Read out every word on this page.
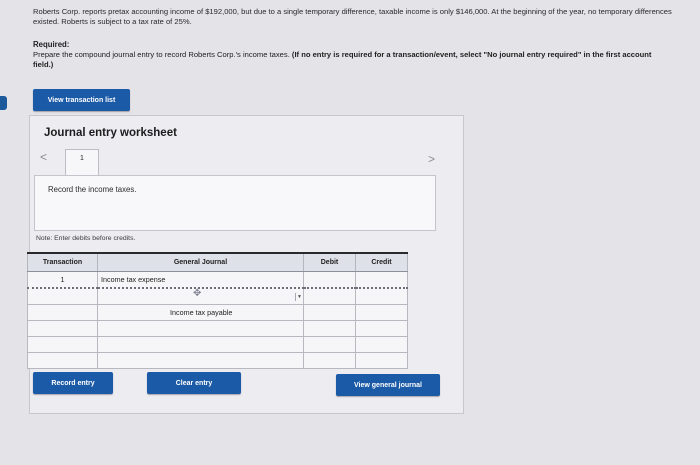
Roberts Corp. reports pretax accounting income of $192,000, but due to a single temporary difference, taxable income is only $146,000. At the beginning of the year, no temporary differences existed. Roberts is subject to a tax rate of 25%.
Required:
Prepare the compound journal entry to record Roberts Corp.'s income taxes. (If no entry is required for a transaction/event, select "No journal entry required" in the first account field.)
View transaction list
Journal entry worksheet
<	>
1
Record the income taxes.
Note: Enter debits before credits.
Transaction	General Journal	Debit	Credit
1	Income tax expense		

	▼		

	Income tax payable		

✥
Record entry	Clear entry	View general journal
